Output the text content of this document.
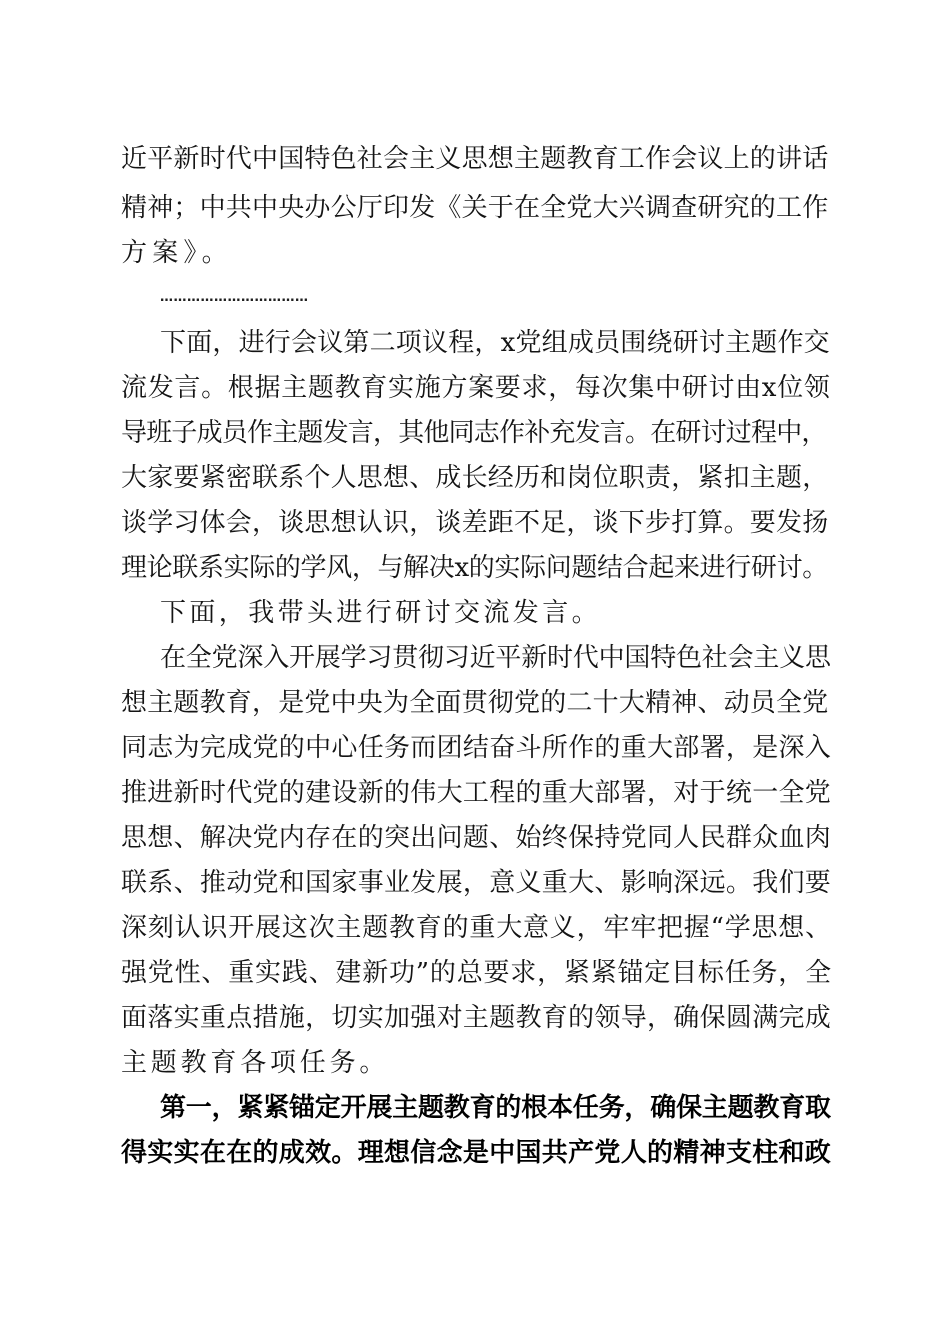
近平新时代中国特色社会主义思想主题教育工作会议上的讲话
精神；中共中央办公厅印发《关于在全党大兴调查研究的工作
方案》。
……………………………
下面，进行会议第二项议程，x党组成员围绕研讨主题作交
流发言。根据主题教育实施方案要求，每次集中研讨由x位领
导班子成员作主题发言，其他同志作补充发言。在研讨过程中，
大家要紧密联系个人思想、成长经历和岗位职责，紧扣主题，
谈学习体会，谈思想认识，谈差距不足，谈下步打算。要发扬
理论联系实际的学风，与解决x的实际问题结合起来进行研讨。
下面，我带头进行研讨交流发言。
在全党深入开展学习贯彻习近平新时代中国特色社会主义思
想主题教育，是党中央为全面贯彻党的二十大精神、动员全党
同志为完成党的中心任务而团结奋斗所作的重大部署，是深入
推进新时代党的建设新的伟大工程的重大部署，对于统一全党
思想、解决党内存在的突出问题、始终保持党同人民群众血肉
联系、推动党和国家事业发展，意义重大、影响深远。我们要
深刻认识开展这次主题教育的重大意义，牢牢把握“学思想、
强党性、重实践、建新功”的总要求，紧紧锚定目标任务，全
面落实重点措施，切实加强对主题教育的领导，确保圆满完成
主题教育各项任务。
第一，紧紧锚定开展主题教育的根本任务，确保主题教育取
得实实在在的成效。理想信念是中国共产党人的精神支柱和政
